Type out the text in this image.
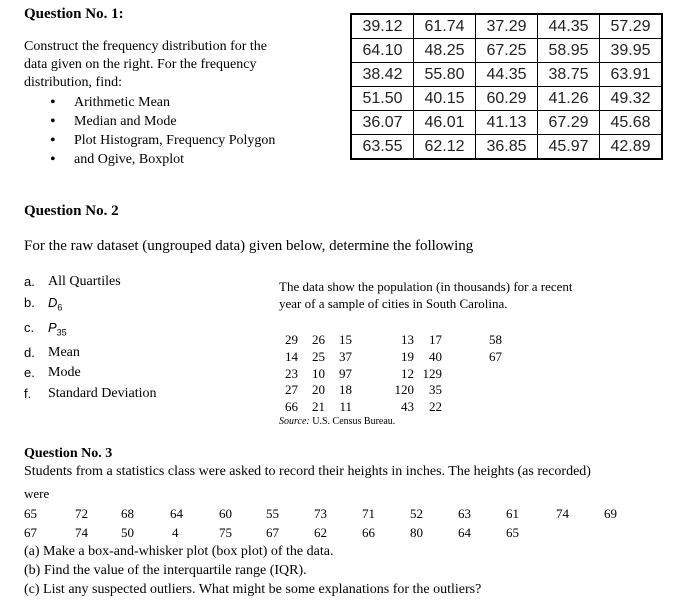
Question No. 1:
Construct the frequency distribution for the
data given on the right. For the frequency
distribution, find:
• Arithmetic Mean
• Median and Mode
• Plot Histogram, Frequency Polygon
• and Ogive, Boxplot
39.12	61.74	37.29	44.35	57.29
64.10	48.25	67.25	58.95	39.95
38.42	55.80	44.35	38.75	63.91
51.50	40.15	60.29	41.26	49.32
36.07	46.01	41.13	67.29	45.68
63.55	62.12	36.85	45.97	42.89
Question No. 2
For the raw dataset (ungrouped data) given below, determine the following
a. All Quartiles
b.	$D_6$
c.	$P_{35}$
d. Mean
e. Mode
f.	Standard Deviation
The data show the population (in thousands) for a recent
year of a sample of cities in South Carolina.
29	26	15	13	17	58
14	25	37	19	40	67
23	10	97	12 129
27	20	18	120	35
66	21	11	43	22
Source: U.S. Census Bureau.
Question No. 3
Students from a statistics class were asked to record their heights in inches. The heights (as recorded)
were
65	72	68	64	60	55	73	71	52	63	61	74	69
67	74	50	4	75	67	62	66	80	64	65
(a) Make a box-and-whisker plot (box plot) of the data.
(b) Find the value of the interquartile range (IQR).
(c) List any suspected outliers. What might be some explanations for the outliers?
